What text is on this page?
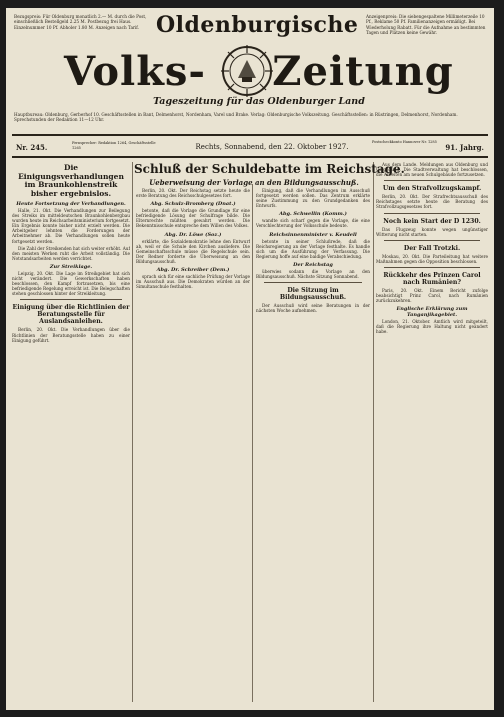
Bezugspreis: Für Oldenburg monatlich 2.— M. durch die Post, einschließlich Bestellgeld 2.25 M. Postbezug frei Haus. Einzelnummer 10 Pf. Abholer 1.80 M. Anzeigen nach Tarif.
Anzeigenpreis: Die siebengespaltene Millimeterzeile 10 Pf., Reklame 50 Pf. Familienanzeigen ermäßigt. Bei Wiederholung Rabatt. Für die Aufnahme an bestimmten Tagen und Plätzen keine Gewähr.
Oldenburgische
Volks-	Zeitung
Tageszeitung für das Oldenburger Land
Hauptbureau: Oldenburg, Gerberhof 10. Geschäftsstellen in Bant, Delmenhorst, Nordenham, Varel und Brake. Verlag: Oldenburgische Volkszeitung. Geschäftsstellen: in Rüstringen, Delmenhorst, Nordenham. Sprechstunden der Redaktion 11—12 Uhr.
Nr. 245.	Fernsprecher: Redaktion 1264, Geschäftsstelle 1265	Rechts, Sonnabend, den 22. Oktober 1927.
Postscheckkonto Hannover Nr. 1285
91. Jahrg.
Die Einigungsverhandlungen im Braunkohlenstreik bisher ergebnislos.
Heute Fortsetzung der Verhandlungen.

Halle, 21. Okt. Die Verhandlungen zur Beilegung des Streiks im mitteldeutschen Braunkohlenbergbau wurden heute im Reichsarbeitsministerium fortgesetzt. Ein Ergebnis konnte bisher nicht erzielt werden. Die Arbeitgeber lehnten die Forderungen der Arbeitnehmer ab. Die Verhandlungen sollen heute fortgesetzt werden.

Die Zahl der Streikenden hat sich weiter erhöht. Auf den meisten Werken ruht die Arbeit vollständig. Die Notstandsarbeiten werden verrichtet.

Zur Streiklage.

Leipzig, 20. Okt. Die Lage im Streikgebiet hat sich nicht verändert. Die Gewerkschaften haben beschlossen, den Kampf fortzusetzen, bis eine befriedigende Regelung erreicht ist. Die Belegschaften stehen geschlossen hinter der Streikleitung.

Einigung über die Richtlinien der Beratungsstelle für Auslandsanleihen.

Berlin, 20. Okt. Die Verhandlungen über die Richtlinien der Beratungsstelle haben zu einer Einigung geführt.

Schluß der Schuldebatte im Reichstage.
Ueberweisung der Vorlage an den Bildungsausschuß.

Berlin, 20. Okt. Der Reichstag setzte heute die erste Beratung des Reichsschulgesetzes fort.

Abg. Schulz-Bromberg (Dnat.)

betonte, daß die Vorlage die Grundlage für eine befriedigende Lösung der Schulfrage bilde. Die Elternrechte müßten gewahrt werden. Die Bekenntnisschule entspreche dem Willen des Volkes.

Abg. Dr. Löwe (Soz.)

erklärte, die Sozialdemokratie lehne den Entwurf ab, weil er die Schule den Kirchen ausliefere. Die Gemeinschaftsschule müsse die Regelschule sein. Der Redner forderte die Überweisung an den Bildungsausschuß.

Abg. Dr. Schreiber (Dem.)

sprach sich für eine sachliche Prüfung der Vorlage im Ausschuß aus. Die Demokraten würden an der Simultanschule festhalten.

Einigung, daß die Verhandlungen im Ausschuß fortgesetzt werden sollen. Das Zentrum erklärte seine Zustimmung zu den Grundgedanken des Entwurfs.

Abg. Schwellin (Komm.)

wandte sich scharf gegen die Vorlage, die eine Verschlechterung der Volksschule bedeute.

Reichsinnenminister v. Keudell

betonte in seiner Schlußrede, daß die Reichsregierung an der Vorlage festhalte. Es handle sich um die Ausführung der Verfassung. Die Regierung hoffe auf eine baldige Verabschiedung.

Der Reichstag

überwies sodann die Vorlage an den Bildungsausschuß. Nächste Sitzung Sonnabend.

Die Sitzung im Bildungsausschuß.

Der Ausschuß wird seine Beratungen in der nächsten Woche aufnehmen.

Aus dem Lande. Meldungen aus Oldenburg und Umgebung. Die Stadtverwaltung hat beschlossen, die Arbeiten am neuen Schulgebäude fortzusetzen.

Um den Strafvollzugskampf.

Berlin, 20. Okt. Der Strafrechtsausschuß des Reichstages setzte heute die Beratung des Strafvollzugsgesetzes fort.

Noch kein Start der D 1230.

Das Flugzeug konnte wegen ungünstiger Witterung nicht starten.

Der Fall Trotzki.

Moskau, 20. Okt. Die Parteileitung hat weitere Maßnahmen gegen die Opposition beschlossen.

Rückkehr des Prinzen Carol nach Rumänien?

Paris, 20. Okt. Einem Bericht zufolge beabsichtigt Prinz Carol, nach Rumänien zurückzukehren.

Englische Erklärung zum Tanganjikagebiet.

London, 21. Oktober. Amtlich wird mitgeteilt, daß die Regierung ihre Haltung nicht geändert habe.
